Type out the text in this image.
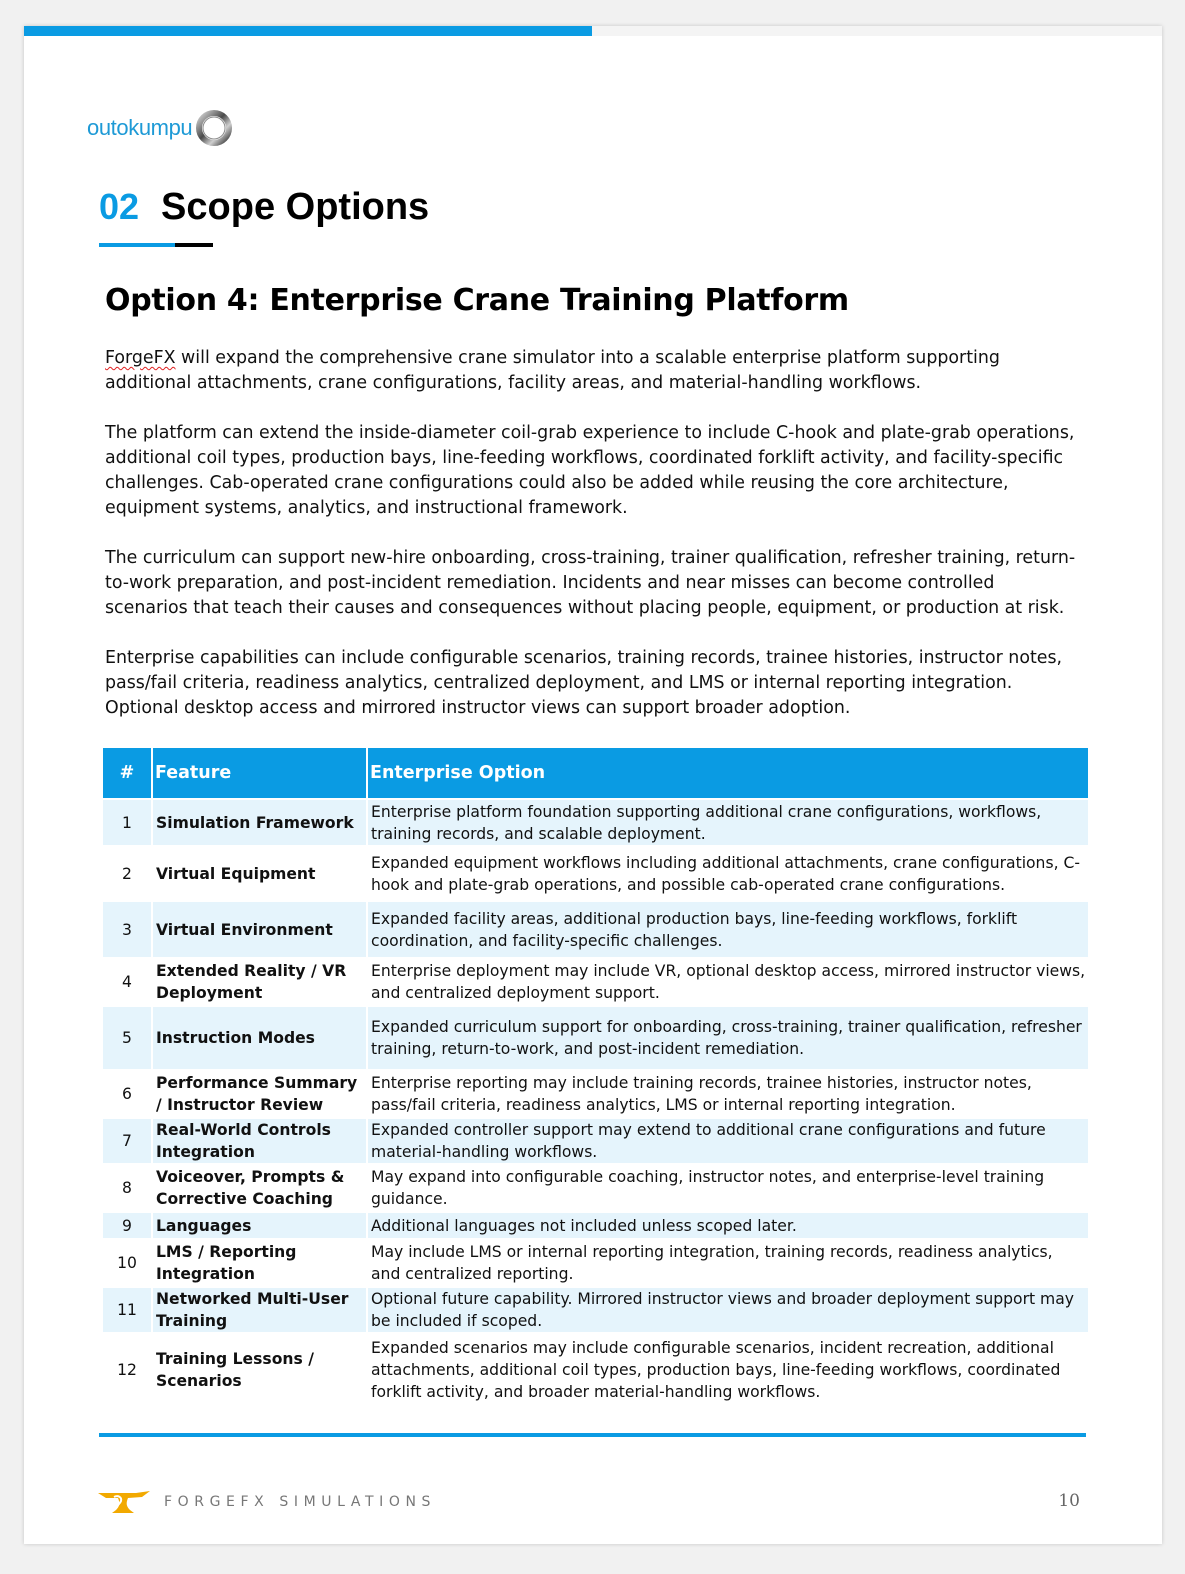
outokumpu
02 Scope Options
Option 4: Enterprise Crane Training Platform

ForgeFX will expand the comprehensive crane simulator into a scalable enterprise platform supporting additional attachments, crane configurations, facility areas, and material-handling workflows.

The platform can extend the inside-diameter coil-grab experience to include C-hook and plate-grab operations, additional coil types, production bays, line-feeding workflows, coordinated forklift activity, and facility-specific challenges. Cab-operated crane configurations could also be added while reusing the core architecture, equipment systems, analytics, and instructional framework.

The curriculum can support new-hire onboarding, cross-training, trainer qualification, refresher training, return-to-work preparation, and post-incident remediation. Incidents and near misses can become controlled scenarios that teach their causes and consequences without placing people, equipment, or production at risk.

Enterprise capabilities can include configurable scenarios, training records, trainee histories, instructor notes, pass/fail criteria, readiness analytics, centralized deployment, and LMS or internal reporting integration. Optional desktop access and mirrored instructor views can support broader adoption.

#	Feature	Enterprise Option
1	Simulation Framework	Enterprise platform foundation supporting additional crane configurations, workflows, training records, and scalable deployment.
2	Virtual Equipment	Expanded equipment workflows including additional attachments, crane configurations, C-hook and plate-grab operations, and possible cab-operated crane configurations.
3	Virtual Environment	Expanded facility areas, additional production bays, line-feeding workflows, forklift coordination, and facility-specific challenges.
4	Extended Reality / VR Deployment	Enterprise deployment may include VR, optional desktop access, mirrored instructor views, and centralized deployment support.
5	Instruction Modes	Expanded curriculum support for onboarding, cross-training, trainer qualification, refresher training, return-to-work, and post-incident remediation.
6	Performance Summary / Instructor Review	Enterprise reporting may include training records, trainee histories, instructor notes, pass/fail criteria, readiness analytics, LMS or internal reporting integration.
7	Real-World Controls Integration	Expanded controller support may extend to additional crane configurations and future material-handling workflows.
8	Voiceover, Prompts & Corrective Coaching	May expand into configurable coaching, instructor notes, and enterprise-level training guidance.
9	Languages	Additional languages not included unless scoped later.
10	LMS / Reporting Integration	May include LMS or internal reporting integration, training records, readiness analytics, and centralized reporting.
11	Networked Multi-User Training	Optional future capability. Mirrored instructor views and broader deployment support may be included if scoped.
12	Training Lessons / Scenarios	Expanded scenarios may include configurable scenarios, incident recreation, additional attachments, additional coil types, production bays, line-feeding workflows, coordinated forklift activity, and broader material-handling workflows.
FORGEFX SIMULATIONS	10
